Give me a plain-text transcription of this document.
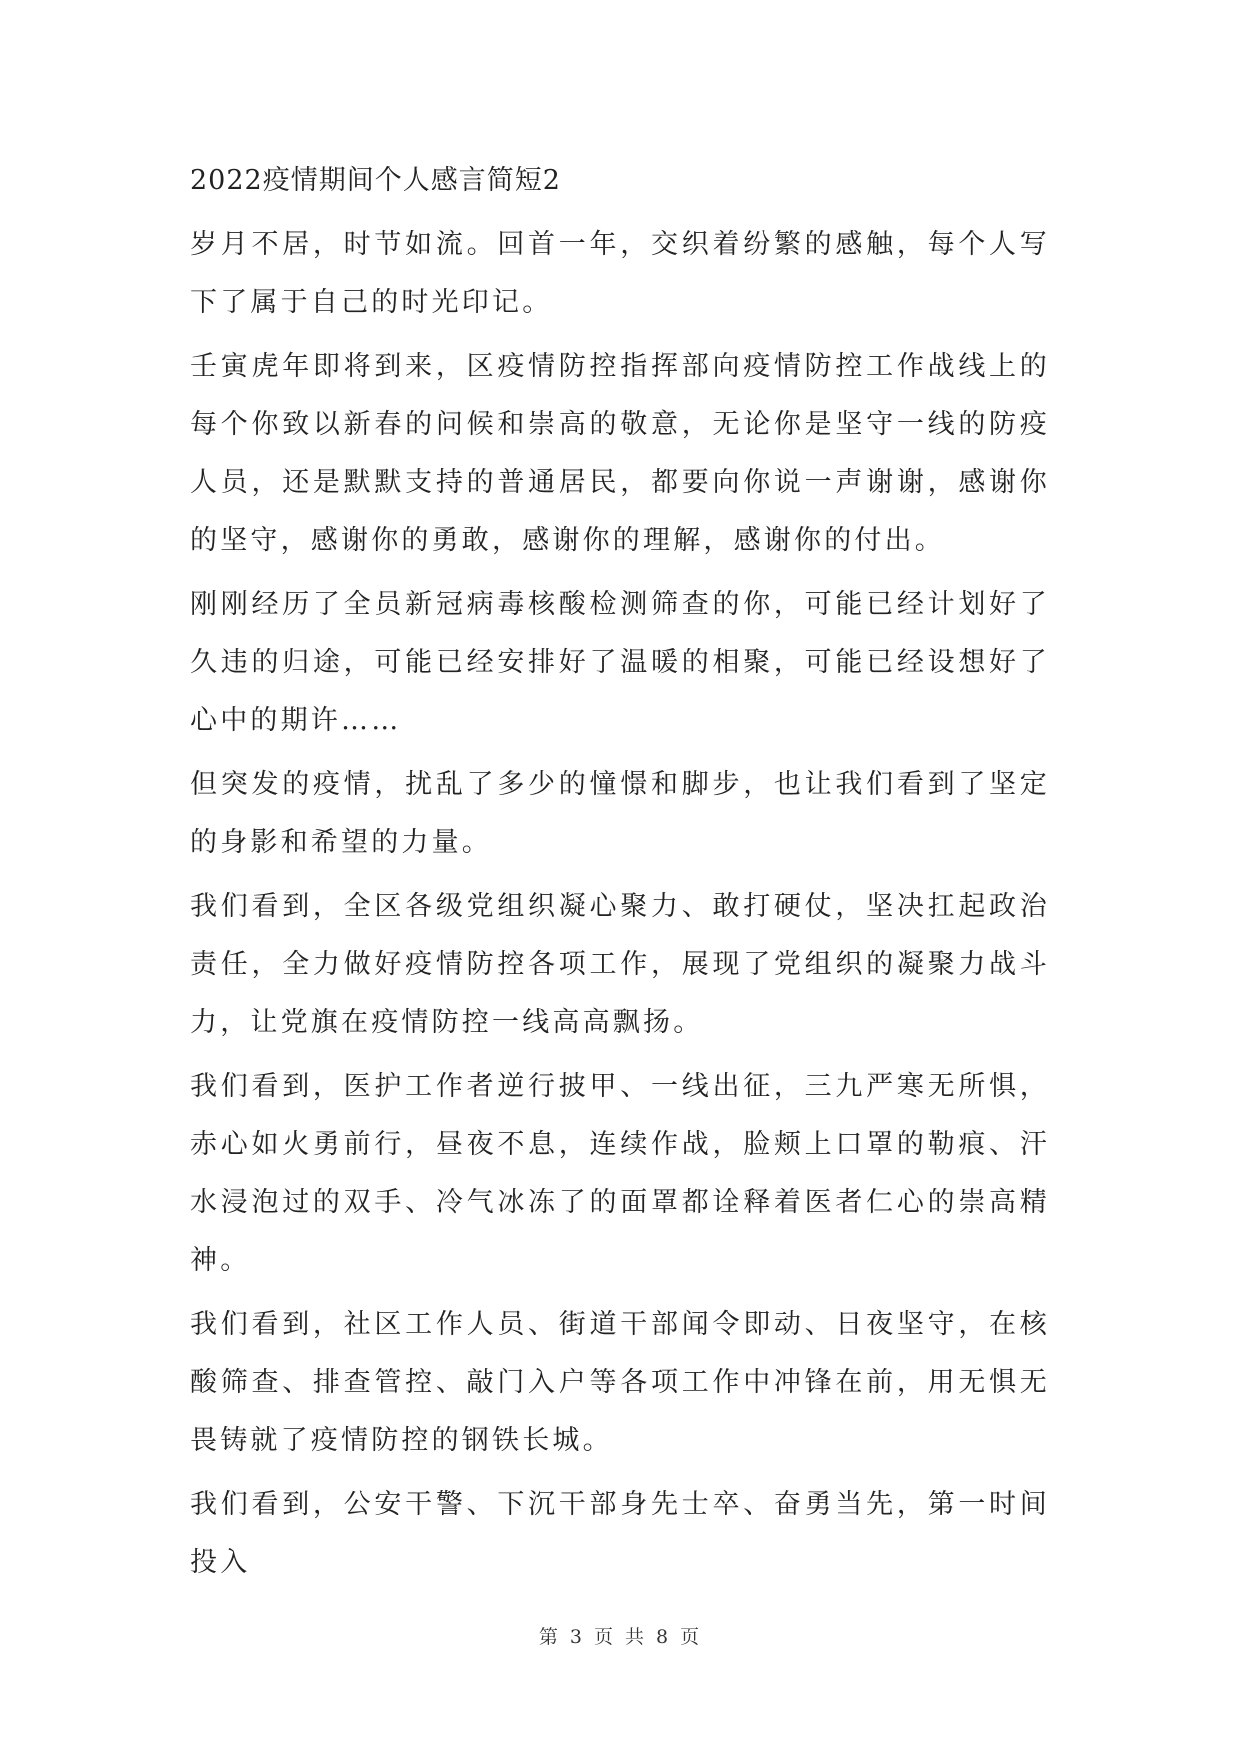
2022疫情期间个人感言简短2

岁月不居，时节如流。回首一年，交织着纷繁的感触，每个人写下了属于自己的时光印记。

壬寅虎年即将到来，区疫情防控指挥部向疫情防控工作战线上的每个你致以新春的问候和崇高的敬意，无论你是坚守一线的防疫人员，还是默默支持的普通居民，都要向你说一声谢谢，感谢你的坚守，感谢你的勇敢，感谢你的理解，感谢你的付出。

刚刚经历了全员新冠病毒核酸检测筛查的你，可能已经计划好了久违的归途，可能已经安排好了温暖的相聚，可能已经设想好了心中的期许……

但突发的疫情，扰乱了多少的憧憬和脚步，也让我们看到了坚定的身影和希望的力量。

我们看到，全区各级党组织凝心聚力、敢打硬仗，坚决扛起政治责任，全力做好疫情防控各项工作，展现了党组织的凝聚力战斗力，让党旗在疫情防控一线高高飘扬。

我们看到，医护工作者逆行披甲、一线出征，三九严寒无所惧，赤心如火勇前行，昼夜不息，连续作战，脸颊上口罩的勒痕、汗水浸泡过的双手、冷气冰冻了的面罩都诠释着医者仁心的崇高精神。

我们看到，社区工作人员、街道干部闻令即动、日夜坚守，在核酸筛查、排查管控、敲门入户等各项工作中冲锋在前，用无惧无畏铸就了疫情防控的钢铁长城。

我们看到，公安干警、下沉干部身先士卒、奋勇当先，第一时间投入

第 3 页 共 8 页
